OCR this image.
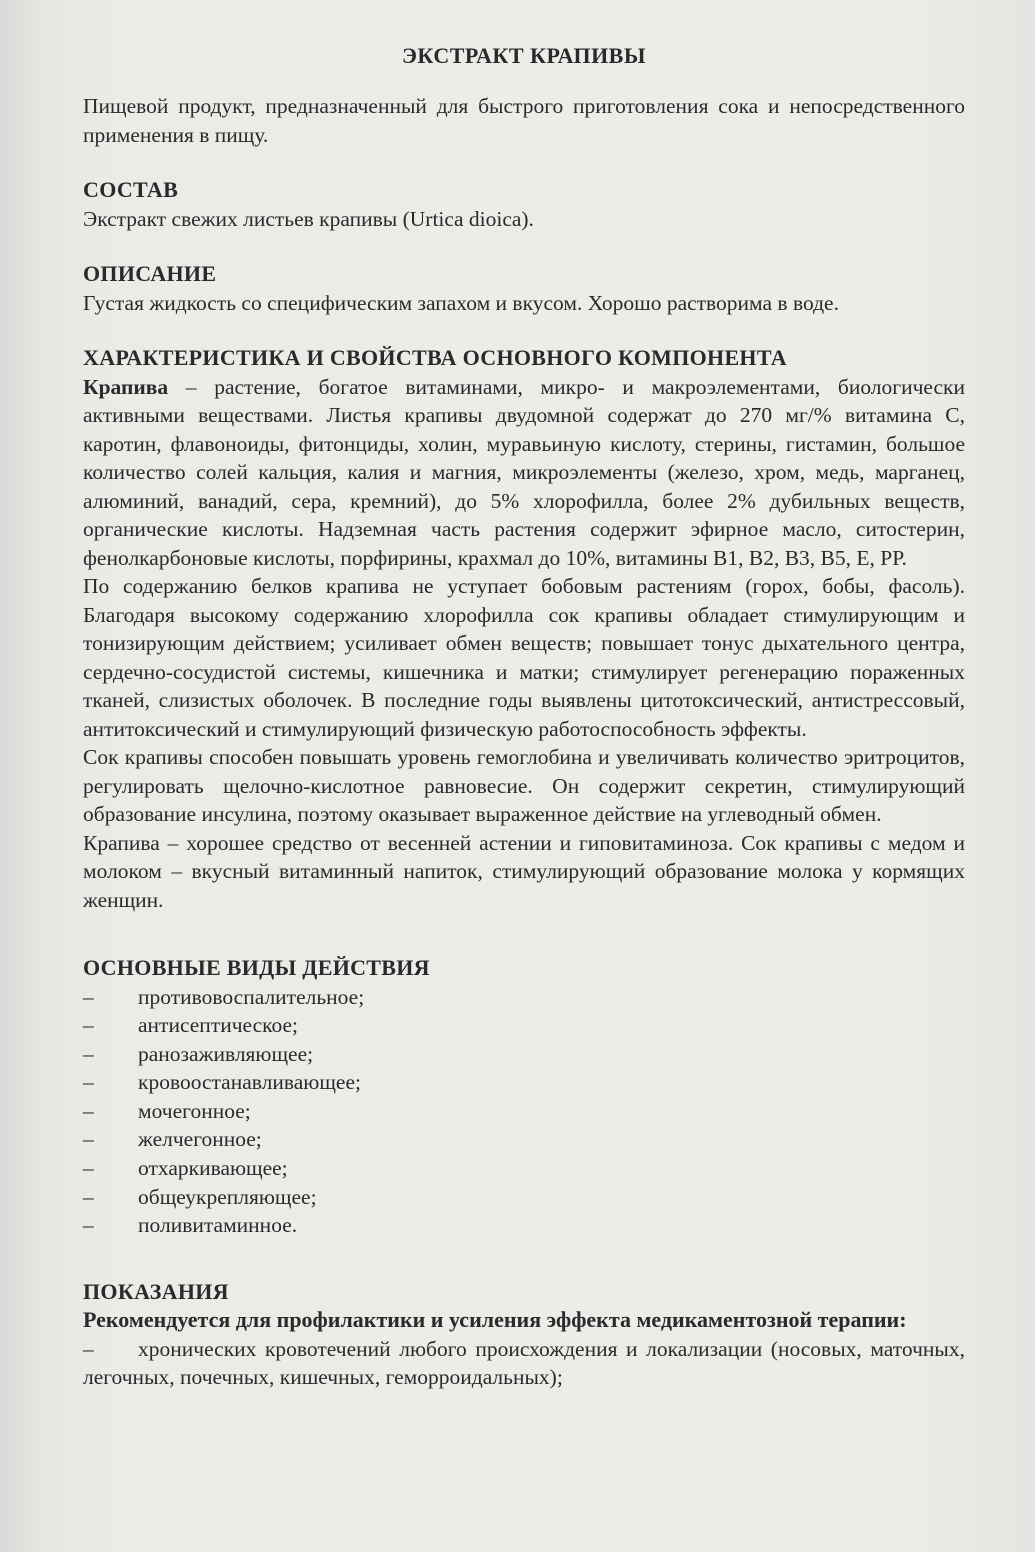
ЭКСТРАКТ КРАПИВЫ

Пищевой продукт, предназначенный для быстрого приготовления сока и непосредственного применения в пищу.

СОСТАВ

Экстракт свежих листьев крапивы (Urtica dioica).

ОПИСАНИЕ

Густая жидкость со специфическим запахом и вкусом. Хорошо растворима в воде.

ХАРАКТЕРИСТИКА И СВОЙСТВА ОСНОВНОГО КОМПОНЕНТА

Крапива – растение, богатое витаминами, микро- и макроэлементами, биологически активными веществами. Листья крапивы двудомной содержат до 270 мг/% витамина С, каротин, флавоноиды, фитонциды, холин, муравьиную кислоту, стерины, гистамин, большое количество солей кальция, калия и магния, микроэлементы (железо, хром, медь, марганец, алюминий, ванадий, сера, кремний), до 5% хлорофилла, более 2% дубильных веществ, органические кислоты. Надземная часть растения содержит эфирное масло, ситостерин, фенолкарбоновые кислоты, порфирины, крахмал до 10%, витамины В1, В2, В3, В5, Е, РР.

По содержанию белков крапива не уступает бобовым растениям (горох, бобы, фасоль). Благодаря высокому содержанию хлорофилла сок крапивы обладает стимулирующим и тонизирующим действием; усиливает обмен веществ; повышает тонус дыхательного центра, сердечно-сосудистой системы, кишечника и матки; стимулирует регенерацию пораженных тканей, слизистых оболочек. В последние годы выявлены цитотоксический, антистрессовый, антитоксический и стимулирующий физическую работоспособность эффекты.

Сок крапивы способен повышать уровень гемоглобина и увеличивать количество эритроцитов, регулировать щелочно-кислотное равновесие. Он содержит секретин, стимулирующий образование инсулина, поэтому оказывает выраженное действие на углеводный обмен.

Крапива – хорошее средство от весенней астении и гиповитаминоза. Сок крапивы с медом и молоком – вкусный витаминный напиток, стимулирующий образование молока у кормящих женщин.

ОСНОВНЫЕ ВИДЫ ДЕЙСТВИЯ
– противовоспалительное;
– антисептическое;
– ранозаживляющее;
– кровоостанавливающее;
– мочегонное;
– желчегонное;
– отхаркивающее;
– общеукрепляющее;
– поливитаминное.
ПОКАЗАНИЯ

Рекомендуется для профилактики и усиления эффекта медикаментозной терапии:

– хронических кровотечений любого происхождения и локализации (носовых, маточных, легочных, почечных, кишечных, геморроидальных);
